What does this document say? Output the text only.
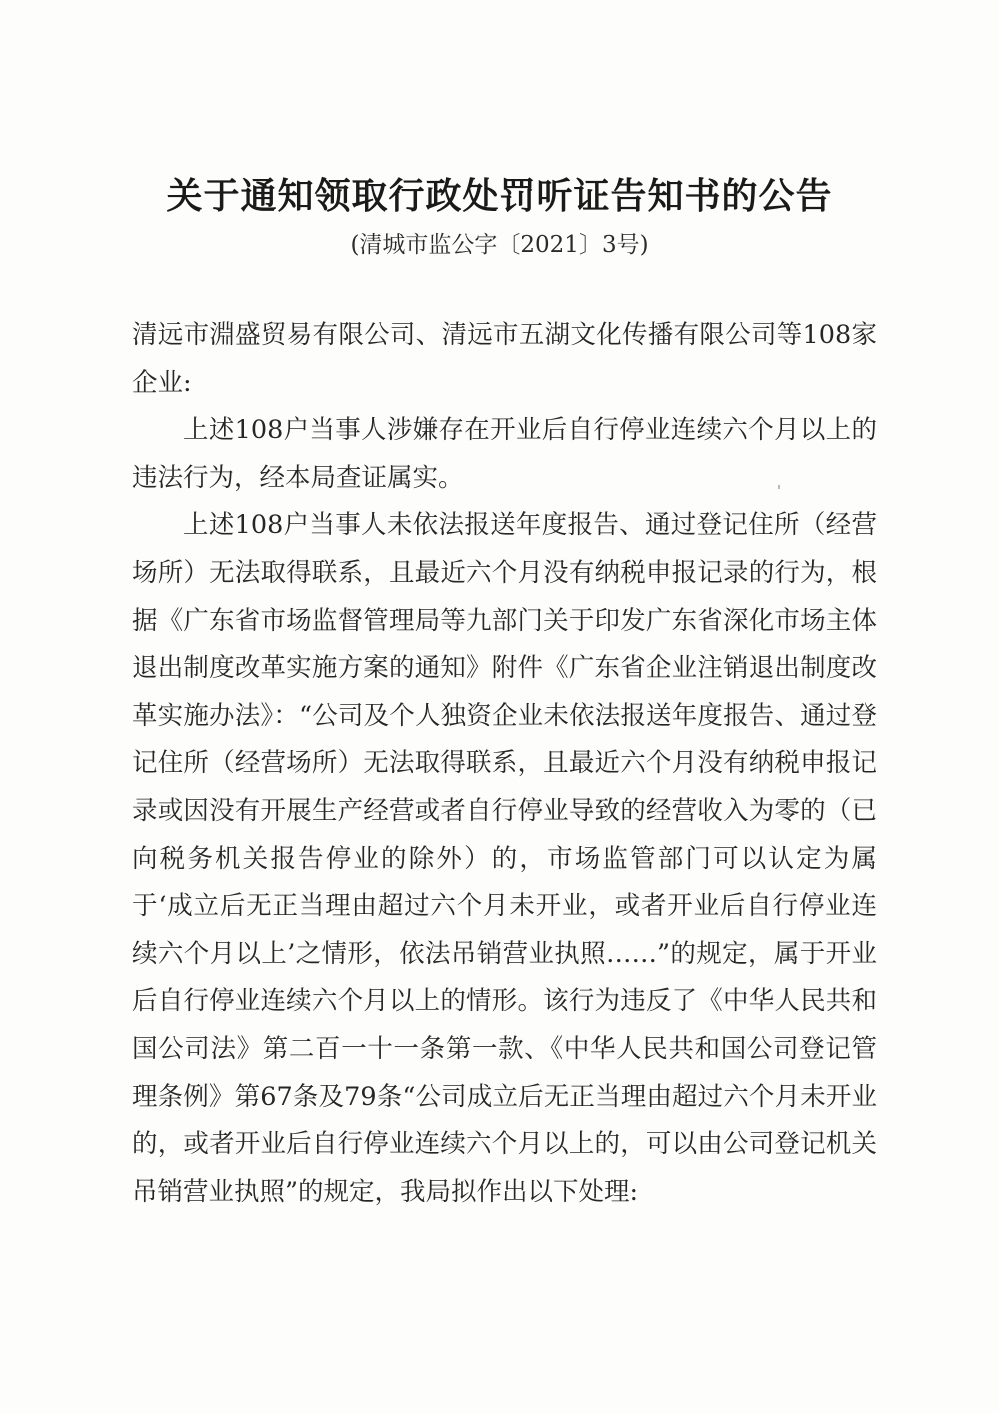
关于通知领取行政处罚听证告知书的公告
(清城市监公字〔2021〕3号)

清远市淵盛贸易有限公司、清远市五湖文化传播有限公司等108家企业:

上述108户当事人涉嫌存在开业后自行停业连续六个月以上的违法行为，经本局查证属实。

上述108户当事人未依法报送年度报告、通过登记住所（经营场所）无法取得联系，且最近六个月没有纳税申报记录的行为，根据《广东省市场监督管理局等九部门关于印发广东省深化市场主体退出制度改革实施方案的通知》附件《广东省企业注销退出制度改革实施办法》：“公司及个人独资企业未依法报送年度报告、通过登记住所（经营场所）无法取得联系，且最近六个月没有纳税申报记录或因没有开展生产经营或者自行停业导致的经营收入为零的（已向税务机关报告停业的除外）的，市场监管部门可以认定为属于‘成立后无正当理由超过六个月未开业，或者开业后自行停业连续六个月以上’之情形，依法吊销营业执照……”的规定，属于开业后自行停业连续六个月以上的情形。该行为违反了《中华人民共和国公司法》第二百一十一条第一款、《中华人民共和国公司登记管理条例》第67条及79条“公司成立后无正当理由超过六个月未开业的，或者开业后自行停业连续六个月以上的，可以由公司登记机关吊销营业执照”的规定，我局拟作出以下处理:
